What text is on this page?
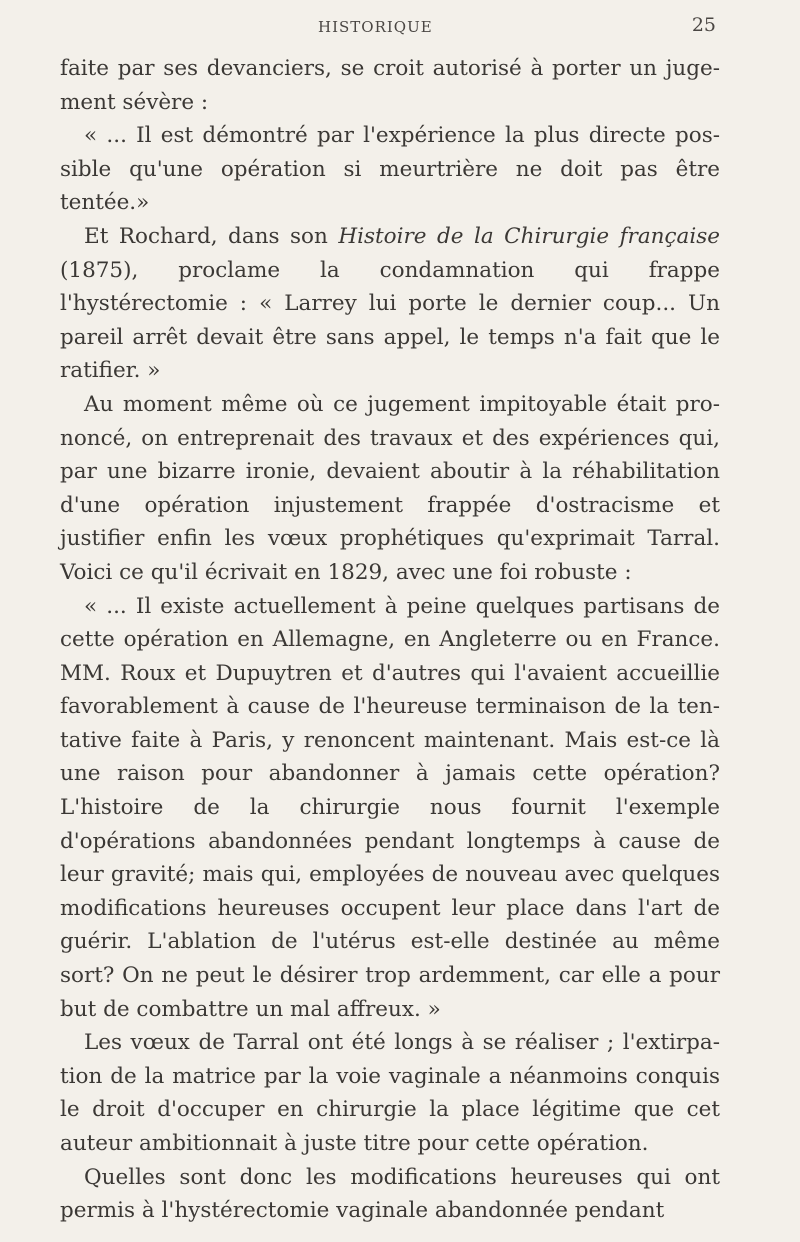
HISTORIQUE	25

faite par ses devanciers, se croit autorisé à porter un jugement sévère :

« ... Il est démontré par l'expérience la plus directe possible qu'une opération si meurtrière ne doit pas être tentée.»

Et Rochard, dans son Histoire de la Chirurgie française (1875), proclame la condamnation qui frappe l'hystérectomie : « Larrey lui porte le dernier coup... Un pareil arrêt devait être sans appel, le temps n'a fait que le ratifier. »

Au moment même où ce jugement impitoyable était prononcé, on entreprenait des travaux et des expériences qui, par une bizarre ironie, devaient aboutir à la réhabilitation d'une opération injustement frappée d'ostracisme et justifier enfin les vœux prophétiques qu'exprimait Tarral. Voici ce qu'il écrivait en 1829, avec une foi robuste :

« ... Il existe actuellement à peine quelques partisans de cette opération en Allemagne, en Angleterre ou en France. MM. Roux et Dupuytren et d'autres qui l'avaient accueillie favorablement à cause de l'heureuse terminaison de la tentative faite à Paris, y renoncent maintenant. Mais est-ce là une raison pour abandonner à jamais cette opération? L'histoire de la chirurgie nous fournit l'exemple d'opérations abandonnées pendant longtemps à cause de leur gravité; mais qui, employées de nouveau avec quelques modifications heureuses occupent leur place dans l'art de guérir. L'ablation de l'utérus est-elle destinée au même sort? On ne peut le désirer trop ardemment, car elle a pour but de combattre un mal affreux. »

Les vœux de Tarral ont été longs à se réaliser ; l'extirpation de la matrice par la voie vaginale a néanmoins conquis le droit d'occuper en chirurgie la place légitime que cet auteur ambitionnait à juste titre pour cette opération.

Quelles sont donc les modifications heureuses qui ont permis à l'hystérectomie vaginale abandonnée pendant
